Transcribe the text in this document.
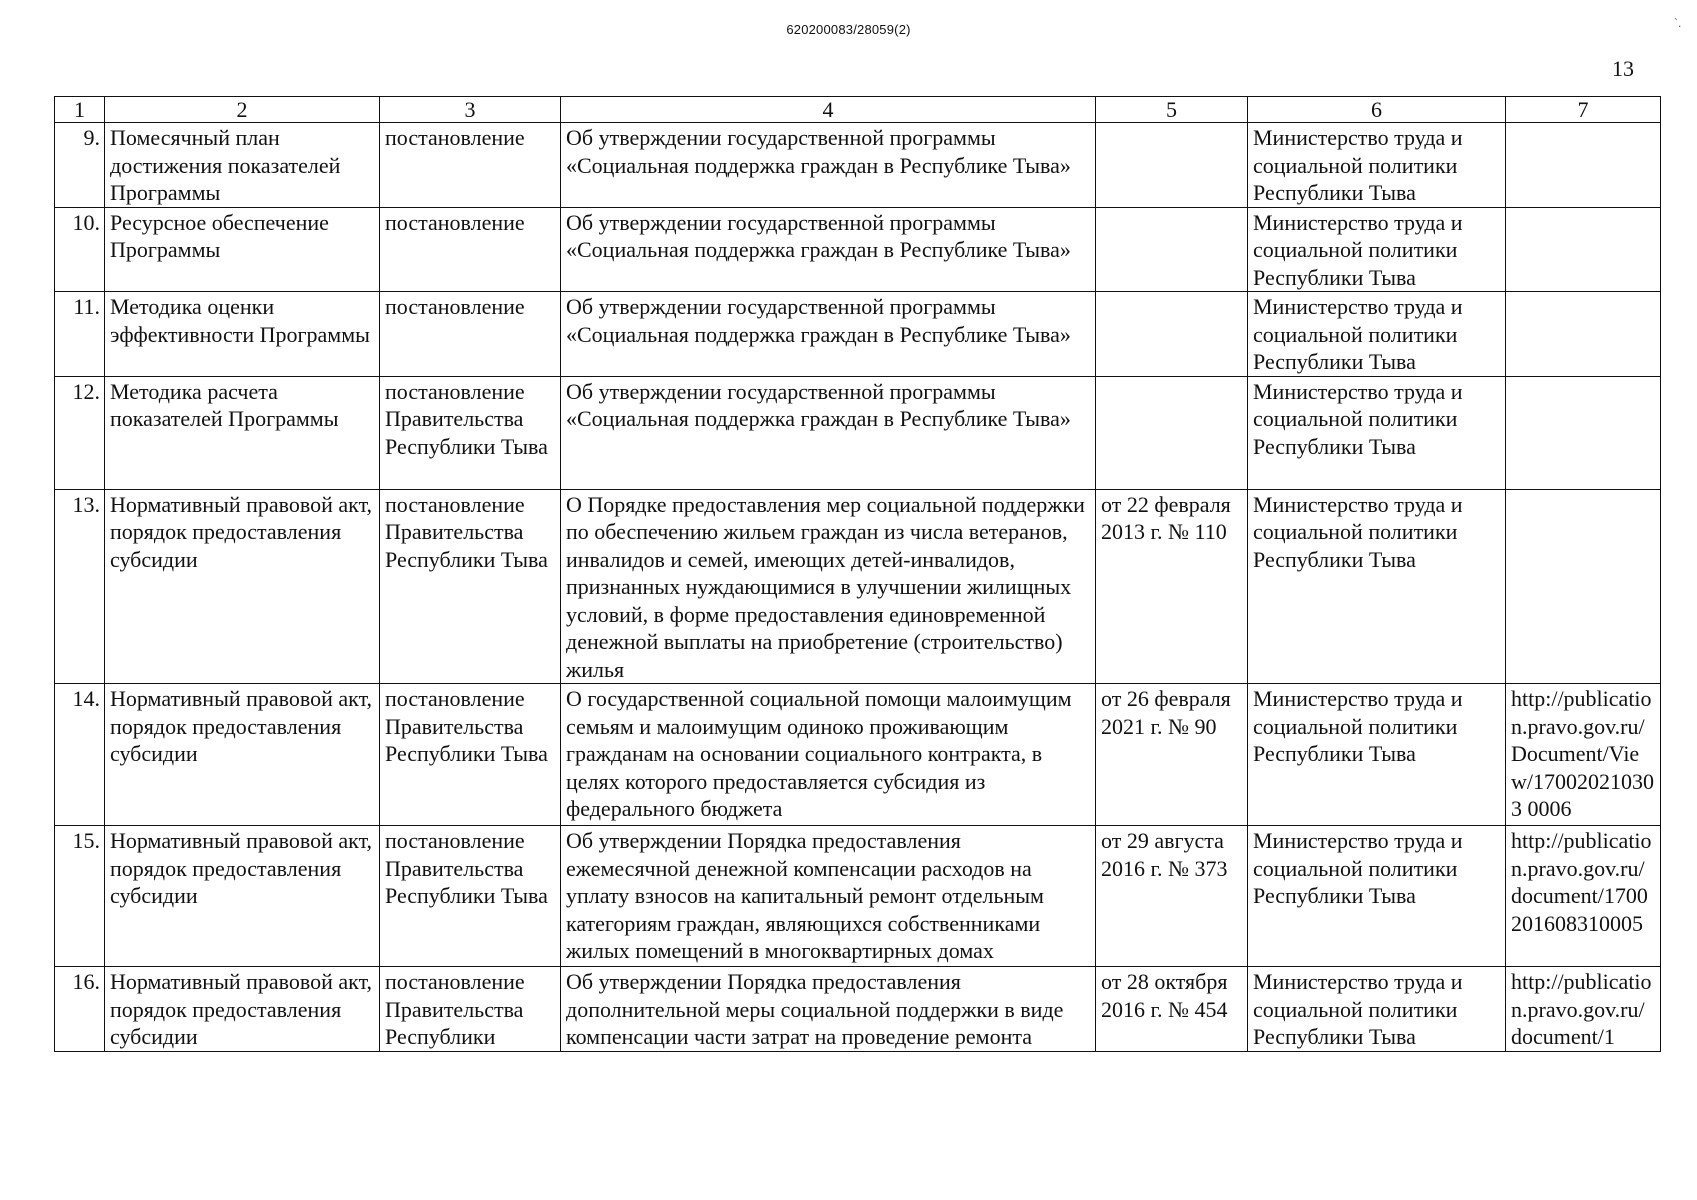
620200083/28059(2)	`.
13
1	2	3	4	5	6	7
9.	Помесячный план достижения показателей Программы	постановление	Об утверждении государственной программы «Социальная поддержка граждан в Республике Тыва»		Министерство труда и социальной политики Республики Тыва	
10.	Ресурсное обеспечение Программы	постановление	Об утверждении государственной программы «Социальная поддержка граждан в Республике Тыва»		Министерство труда и социальной политики Республики Тыва	
11.	Методика оценки эффективности Программы	постановление	Об утверждении государственной программы «Социальная поддержка граждан в Республике Тыва»		Министерство труда и социальной политики Республики Тыва	
12.	Методика расчета показателей Программы	постановление Правительства Республики Тыва	Об утверждении государственной программы «Социальная поддержка граждан в Республике Тыва»		Министерство труда и социальной политики Республики Тыва	
13.	Нормативный правовой акт, порядок предоставления субсидии	постановление Правительства Республики Тыва	О Порядке предоставления мер социальной поддержки по обеспечению жильем граждан из числа ветеранов, инвалидов и семей, имеющих детей-инвалидов, признанных нуждающимися в улучшении жилищных условий, в форме предоставления единовременной денежной выплаты на приобретение (строительство) жилья	от 22 февраля 2013 г. № 110	Министерство труда и социальной политики Республики Тыва	
14.	Нормативный правовой акт, порядок предоставления субсидии	постановление Правительства Республики Тыва	О государственной социальной помощи малоимущим семьям и малоимущим одиноко проживающим гражданам на основании социального контракта, в целях которого предоставляется субсидия из федерального бюджета	от 26 февраля 2021 г. № 90	Министерство труда и социальной политики Республики Тыва	http://publication.pravo.gov.ru/Document/View/170020210303 0006
15.	Нормативный правовой акт, порядок предоставления субсидии	постановление Правительства Республики Тыва	Об утверждении Порядка предоставления ежемесячной денежной компенсации расходов на уплату взносов на капитальный ремонт отдельным категориям граждан, являющихся собственниками жилых помещений в многоквартирных домах	от 29 августа 2016 г. № 373	Министерство труда и социальной политики Республики Тыва	http://publication.pravo.gov.ru/document/1700201608310005
16.	Нормативный правовой акт, порядок предоставления субсидии	постановление Правительства Республики	Об утверждении Порядка предоставления дополнительной меры социальной поддержки в виде компенсации части затрат на проведение ремонта	от 28 октября 2016 г. № 454	Министерство труда и социальной политики Республики Тыва	http://publication.pravo.gov.ru/document/1
